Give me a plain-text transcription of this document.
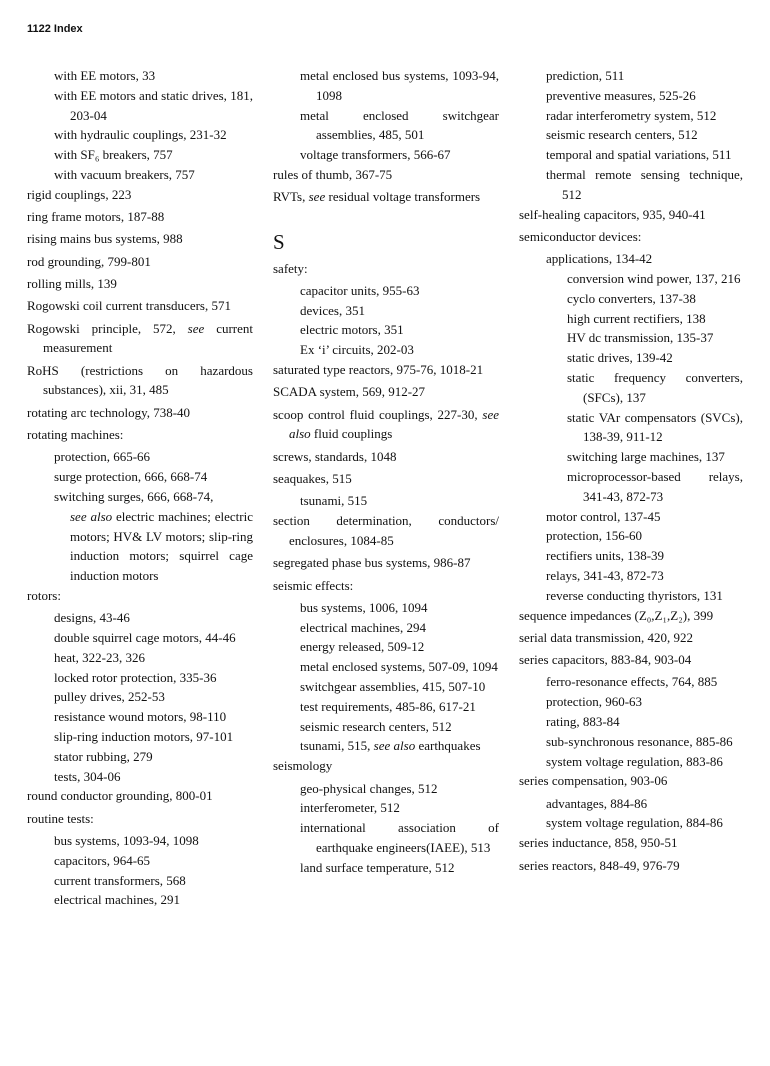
1122 Index
with EE motors, 33
with EE motors and static drives, 181, 203-04
with hydraulic couplings, 231-32
with SF₆ breakers, 757
with vacuum breakers, 757
rigid couplings, 223
ring frame motors, 187-88
rising mains bus systems, 988
rod grounding, 799-801
rolling mills, 139
Rogowski coil current transducers, 571
Rogowski principle, 572, see current measurement
RoHS (restrictions on hazardous substances), xii, 31, 485
rotating arc technology, 738-40
rotating machines:
protection, 665-66
surge protection, 666, 668-74
switching surges, 666, 668-74,
see also electric machines; electric motors; HV& LV motors; slip-ring induction motors; squirrel cage induction motors
rotors:
designs, 43-46
double squirrel cage motors, 44-46
heat, 322-23, 326
locked rotor protection, 335-36
pulley drives, 252-53
resistance wound motors, 98-110
slip-ring induction motors, 97-101
stator rubbing, 279
tests, 304-06
round conductor grounding, 800-01
routine tests:
bus systems, 1093-94, 1098
capacitors, 964-65
current transformers, 568
electrical machines, 291
metal enclosed bus systems, 1093-94, 1098
metal enclosed switchgear assemblies, 485, 501
voltage transformers, 566-67
rules of thumb, 367-75
RVTs, see residual voltage transformers
S
safety:
capacitor units, 955-63
devices, 351
electric motors, 351
Ex ‘i’ circuits, 202-03
saturated type reactors, 975-76, 1018-21
SCADA system, 569, 912-27
scoop control fluid couplings, 227-30, see also fluid couplings
screws, standards, 1048
seaquakes, 515
tsunami, 515
section determination, conductors/ enclosures, 1084-85
segregated phase bus systems, 986-87
seismic effects:
bus systems, 1006, 1094
electrical machines, 294
energy released, 509-12
metal enclosed systems, 507-09, 1094
switchgear assemblies, 415, 507-10
test requirements, 485-86, 617-21
seismic research centers, 512
tsunami, 515, see also earthquakes
seismology
geo-physical changes, 512
interferometer, 512
international association of earthquake engineers(IAEE), 513
land surface temperature, 512
prediction, 511
preventive measures, 525-26
radar interferometry system, 512
seismic research centers, 512
temporal and spatial variations, 511
thermal remote sensing technique, 512
self-healing capacitors, 935, 940-41
semiconductor devices:
applications, 134-42
conversion wind power, 137, 216
cyclo converters, 137-38
high current rectifiers, 138
HV dc transmission, 135-37
static drives, 139-42
static frequency converters, (SFCs), 137
static VAr compensators (SVCs), 138-39, 911-12
switching large machines, 137
microprocessor-based relays, 341-43, 872-73
motor control, 137-45
protection, 156-60
rectifiers units, 138-39
relays, 341-43, 872-73
reverse conducting thyristors, 131
sequence impedances (Z₀,Z₁,Z₂), 399
serial data transmission, 420, 922
series capacitors, 883-84, 903-04
ferro-resonance effects, 764, 885
protection, 960-63
rating, 883-84
sub-synchronous resonance, 885-86
system voltage regulation, 883-86
series compensation, 903-06
advantages, 884-86
system voltage regulation, 884-86
series inductance, 858, 950-51
series reactors, 848-49, 976-79
